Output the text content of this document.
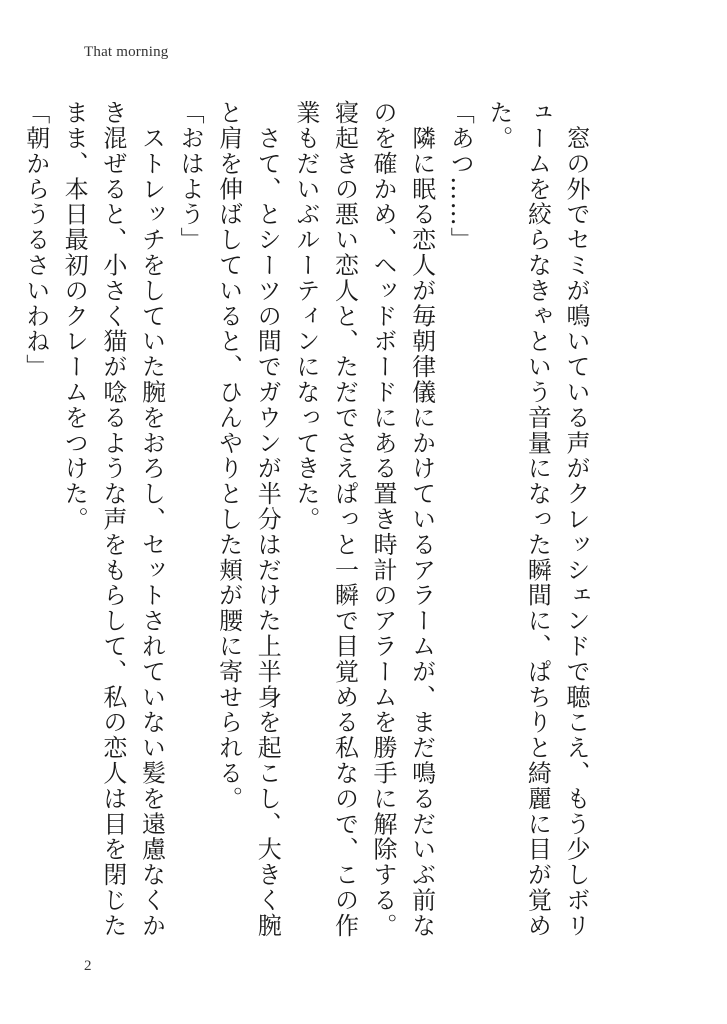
That morning

　窓の外でセミが鳴いている声がクレッシェンドで聴こえ、もう少しボリュームを絞らなきゃという音量になった瞬間に、ぱちりと綺麗に目が覚めた。

「あつ……」

　隣に眠る恋人が毎朝律儀にかけているアラームが、まだ鳴るだいぶ前なのを確かめ、ヘッドボードにある置き時計のアラームを勝手に解除する。寝起きの悪い恋人と、ただでさえぱっと一瞬で目覚める私なので、この作業もだいぶルーティンになってきた。

　さて、とシーツの間でガウンが半分はだけた上半身を起こし、大きく腕と肩を伸ばしていると、ひんやりとした頬が腰に寄せられる。

「おはよう」

　ストレッチをしていた腕をおろし、セットされていない髪を遠慮なくかき混ぜると、小さく猫が唸るような声をもらして、私の恋人は目を閉じたまま、本日最初のクレームをつけた。

「朝からうるさいわね」

2
